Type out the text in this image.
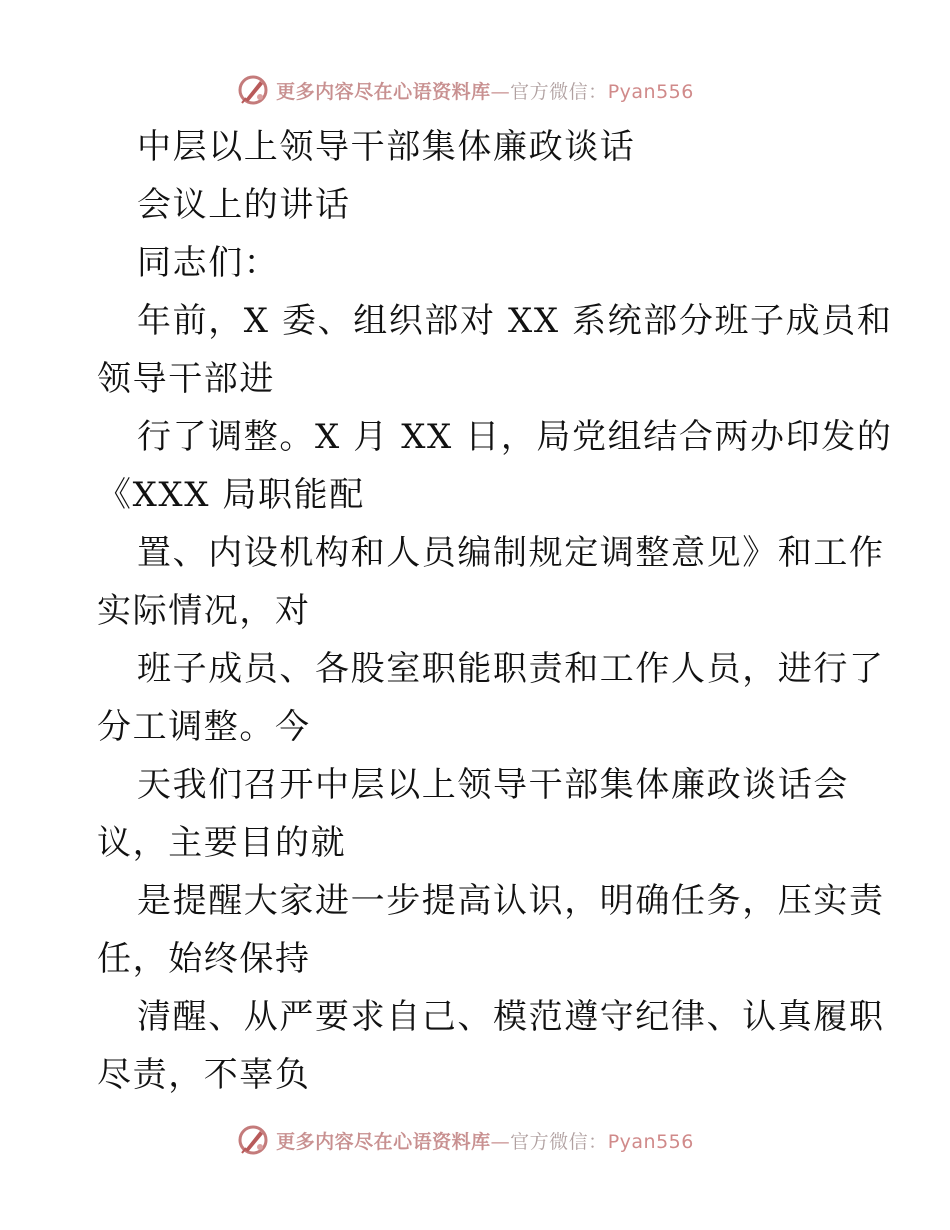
更多内容尽在心语资料库—官方微信：Pyan556
中层以上领导干部集体廉政谈话
会议上的讲话
同志们：
年前，X 委、组织部对 XX 系统部分班子成员和
领导干部进
行了调整。X 月 XX 日，局党组结合两办印发的
《XXX 局职能配
置、内设机构和人员编制规定调整意见》和工作
实际情况，对
班子成员、各股室职能职责和工作人员，进行了
分工调整。今
天我们召开中层以上领导干部集体廉政谈话会
议，主要目的就
是提醒大家进一步提高认识，明确任务，压实责
任，始终保持
清醒、从严要求自己、模范遵守纪律、认真履职
尽责，不辜负
更多内容尽在心语资料库—官方微信：Pyan556
